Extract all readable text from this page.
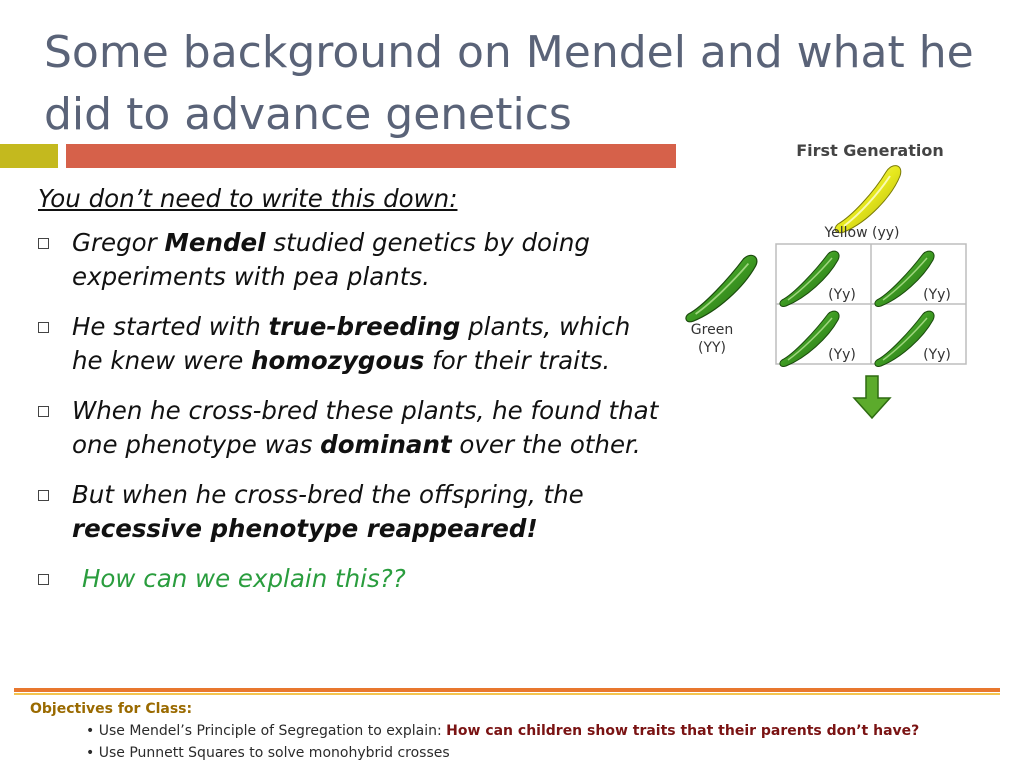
Some background on Mendel and what he did to advance genetics
You don’t need to write this down:
Gregor Mendel studied genetics by doing experiments with pea plants.
He started with true-breeding plants, which he knew were homozygous for their traits.
When he cross-bred these plants, he found that one phenotype was dominant over the other.
But when he cross-bred the offspring, the recessive phenotype reappeared!
How can we explain this??
First Generation
Yellow (yy)
Green
(YY)
(Yy)	(Yy)
(Yy)	(Yy)
Objectives for Class:
• Use Mendel’s Principle of Segregation to explain: How can children show traits that their parents don’t have?
• Use Punnett Squares to solve monohybrid crosses
